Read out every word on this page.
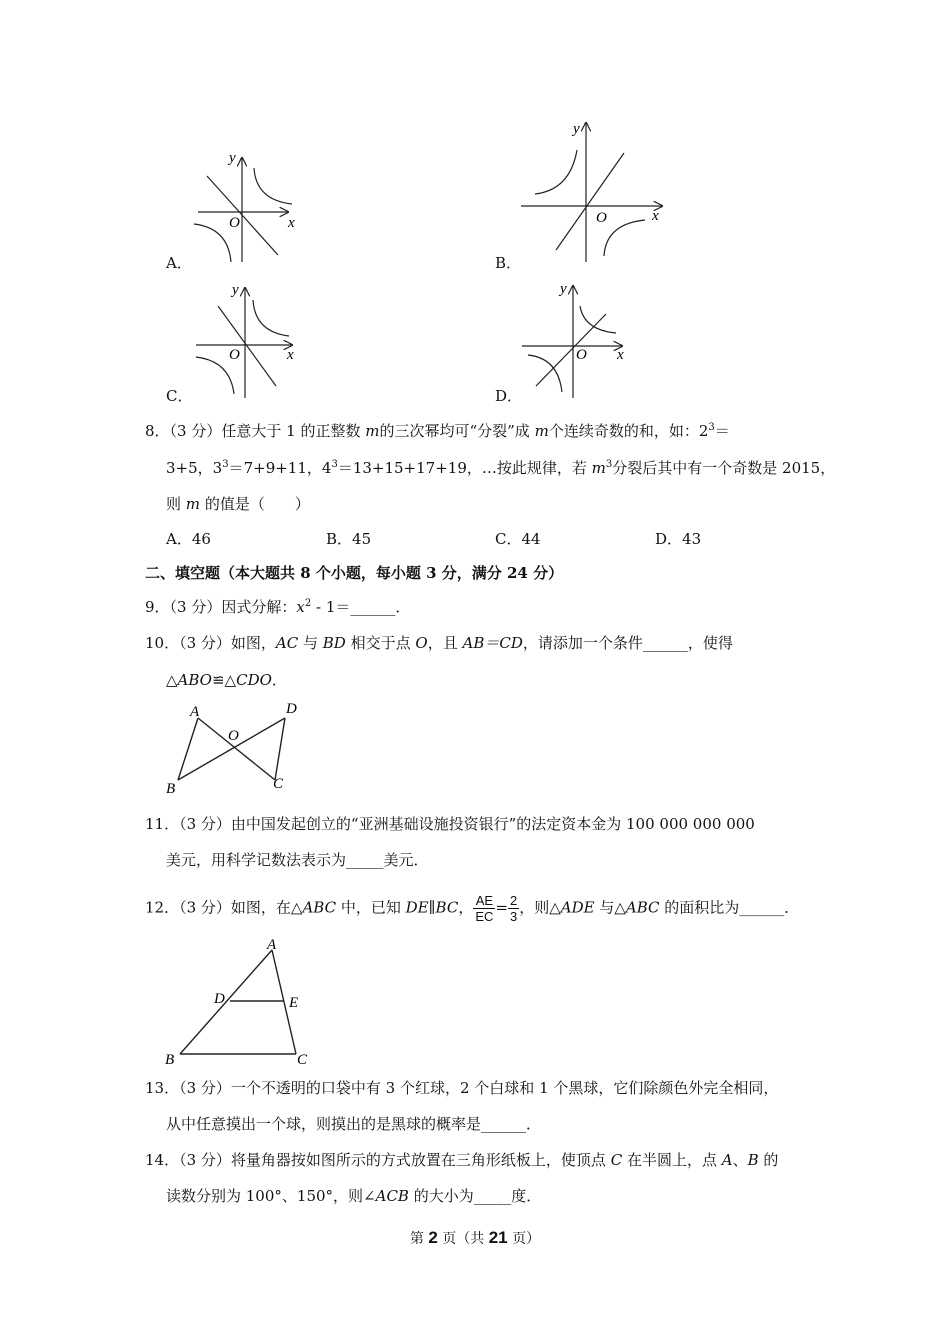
y
O	x
y
O	x
y
O	x
y
O x
A．	B．
C．	D．
8．（3 分）任意大于 1 的正整数 m的三次幂均可“分裂”成 m个连续奇数的和，如：$2^3=$
3+5，$3^3=7+9+11$，$4^3=13+15+17+19$，…按此规律，若 $m^3$分裂后其中有一个奇数是 2015，
则 m 的值是（　　）
A．46	B．45	C．44	D．43
二、填空题（本大题共 8 个小题，每小题 3 分，满分 24 分）
9．（3 分）因式分解：$x^2$ - 1＝______．
10．（3 分）如图，AC 与 BD 相交于点 O，且 AB＝CD，请添加一个条件______，使得
△ABO≌△CDO．
A
B	C
D
O
11．（3 分）由中国发起创立的“亚洲基础设施投资银行”的法定资本金为 100 000 000 000
美元，用科学记数法表示为_____美元．
12．（3 分）如图，在△ABC 中，已知 DE∥BC， $\frac{AE}{EC} = \frac{2}{3}$ ，则△ADE 与△ABC 的面积比为______．
A
B	C
D	E
13．（3 分）一个不透明的口袋中有 3 个红球，2 个白球和 1 个黑球，它们除颜色外完全相同，
从中任意摸出一个球，则摸出的是黑球的概率是______．
14．（3 分）将量角器按如图所示的方式放置在三角形纸板上，使顶点 C 在半圆上，点 A、B 的
读数分别为 100°、150°，则∠ACB 的大小为_____度．
第 2 页（共 21 页）
